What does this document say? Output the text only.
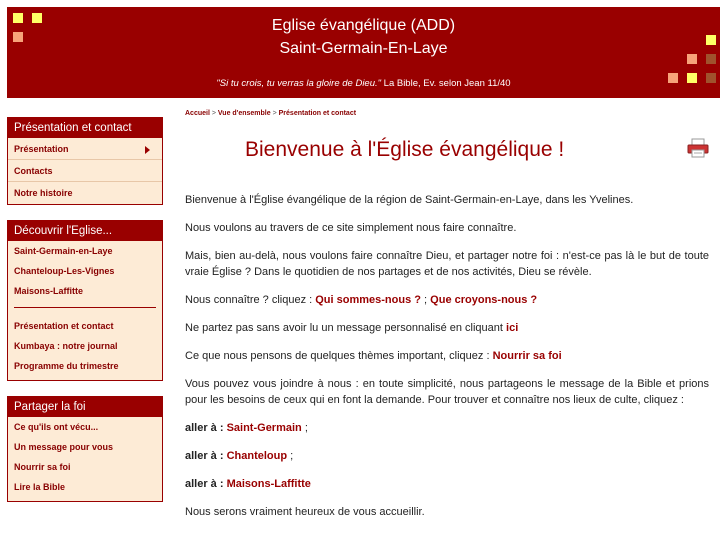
Eglise évangélique (ADD)
Saint-Germain-En-Laye
"Si tu crois, tu verras la gloire de Dieu." La Bible, Ev. selon Jean 11/40
Présentation et contact
Présentation
Contacts
Notre histoire
Découvrir l'Eglise...
Saint-Germain-en-Laye
Chanteloup-Les-Vignes
Maisons-Laffitte
Présentation et contact
Kumbaya : notre journal
Programme du trimestre
Partager la foi
Ce qu'ils ont vécu...
Un message pour vous
Nourrir sa foi
Lire la Bible
Accueil > Vue d'ensemble > Présentation et contact
Bienvenue à l'Église évangélique !

Bienvenue à l'Église évangélique de la région de Saint-Germain-en-Laye, dans les Yvelines.

Nous voulons au travers de ce site simplement nous faire connaître.

Mais, bien au-delà, nous voulons faire connaître Dieu, et partager notre foi : n'est-ce pas là le but de toute vraie Église ? Dans le quotidien de nos partages et de nos activités, Dieu se révèle.

Nous connaître ? cliquez : Qui sommes-nous ? ; Que croyons-nous ?

Ne partez pas sans avoir lu un message personnalisé en cliquant ici

Ce que nous pensons de quelques thèmes important, cliquez : Nourrir sa foi

Vous pouvez vous joindre à nous : en toute simplicité, nous partageons le message de la Bible et prions pour les besoins de ceux qui en font la demande. Pour trouver et connaître nos lieux de culte, cliquez :

aller à : Saint-Germain ;

aller à : Chanteloup ;

aller à : Maisons-Laffitte

Nous serons vraiment heureux de vous accueillir.
